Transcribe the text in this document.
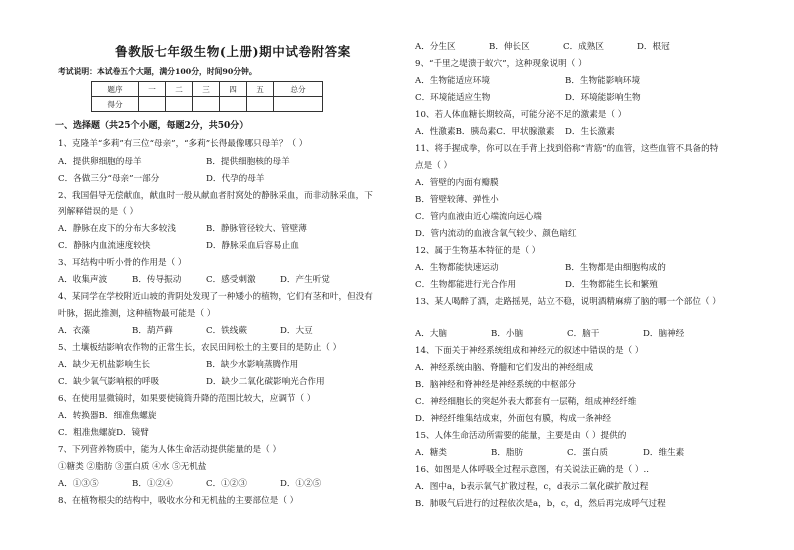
鲁教版七年级生物(上册)期中试卷附答案
考试说明：本试卷五个大题，满分100分，时间90分钟。
题序	一	二	三	四	五	总分
得分						
一、选择题（共25个小题，每题2分，共50分）
1、克隆羊“多莉”有三位“母亲”，“多莉”长得最像哪只母羊？（ ）
A．提供卵细胞的母羊	B．提供细胞核的母羊
C．各做三分“母亲”一部分	D．代孕的母羊
2、我国倡导无偿献血，献血时一般从献血者肘窝处的静脉采血，而非动脉采血，下
列解释错误的是（ ）
A．静脉在皮下的分布大多较浅	B．静脉管径较大、管壁薄
C．静脉内血流速度较快	D．静脉采血后容易止血
3、耳结构中听小骨的作用是（ ）
A．收集声波	B．传导振动	C．感受刺激	D．产生听觉
4、某同学在学校附近山坡的背阴处发现了一种矮小的植物，它们有茎和叶，但没有
叶脉，据此推测，这种植物最可能是（ ）
A．衣藻	B．葫芦藓	C．铁线蕨	D．大豆
5、土壤板结影响农作物的正常生长，农民田间松土的主要目的是防止（ ）
A．缺少无机盐影响生长	B．缺少水影响蒸腾作用
C．缺少氧气影响根的呼吸	D．缺少二氧化碳影响光合作用
6、在使用显微镜时，如果要使镜筒升降的范围比较大，应调节（ ）
A．转换器B．细准焦螺旋
C．粗准焦螺旋D．镜臂
7、下列营养物质中，能为人体生命活动提供能量的是（ ）
①糖类 ②脂肪 ③蛋白质 ④水 ⑤无机盐
A．①③⑤	B．①②④	C．①②③	D．①②⑤
8、在植物根尖的结构中，吸收水分和无机盐的主要部位是（ ）
A．分生区	B．伸长区	C．成熟区	D．根冠
9、“千里之堤溃于蚁穴”，这种现象说明（ ）
A．生物能适应环境	B．生物能影响环境
C．环境能适应生物	D．环境能影响生物
10、若人体血糖长期较高，可能分泌不足的激素是（ ）
A．性激素B．胰岛素C．甲状腺激素 D．生长激素
11、将手握成拳，你可以在手背上找到俗称“青筋”的血管，这些血管不具备的特
点是（ ）
A．管壁的内面有瓣膜
B．管壁较薄、弹性小
C．管内血液由近心端流向远心端
D．管内流动的血液含氧气较少、颜色暗红
12、属于生物基本特征的是（ ）
A．生物都能快速运动	B．生物都是由细胞构成的
C．生物都能进行光合作用	D．生物都能生长和繁殖
13、某人喝醉了酒，走路摇晃，站立不稳，说明酒精麻痹了脑的哪一个部位（ ）
A．大脑	B．小脑	C．脑干	D．脑神经
14、下面关于神经系统组成和神经元的叙述中错误的是（ ）
A．神经系统由脑、脊髓和它们发出的神经组成
B．脑神经和脊神经是神经系统的中枢部分
C．神经细胞长的突起外表大都套有一层鞘，组成神经纤维
D．神经纤维集结成束，外面包有膜，构成一条神经
15、人体生命活动所需要的能量，主要是由（ ）提供的
A．糖类	B．脂肪	C．蛋白质	D．维生素
16、如图是人体呼吸全过程示意图，有关说法正确的是（ ）..
A．图中a，b表示氧气扩散过程，c，d表示二氧化碳扩散过程
B．肺吸气后进行的过程依次是a，b，c，d，然后再完成呼气过程
